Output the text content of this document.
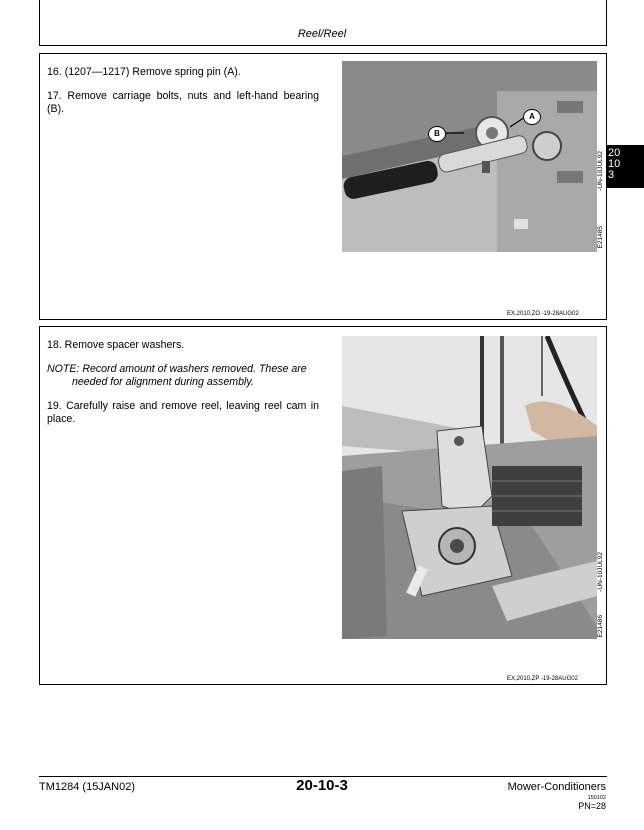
Reel/Reel
20
10
3

16. (1207—1217) Remove spring pin (A).

17. Remove carriage bolts, nuts and left-hand bearing (B).

B
A
-UN-10JUL92
E21485
EX,2010,ZO -19-28AUG02

18. Remove spacer washers.

NOTE: Record amount of washers removed. These are
needed for alignment during assembly.

19. Carefully raise and remove reel, leaving reel cam in place.

-UN-10JUL92
E21486
EX,2010,ZP -19-28AUG02
TM1284 (15JAN02)	20-10-3	Mower-Conditioners
150102
PN=28
